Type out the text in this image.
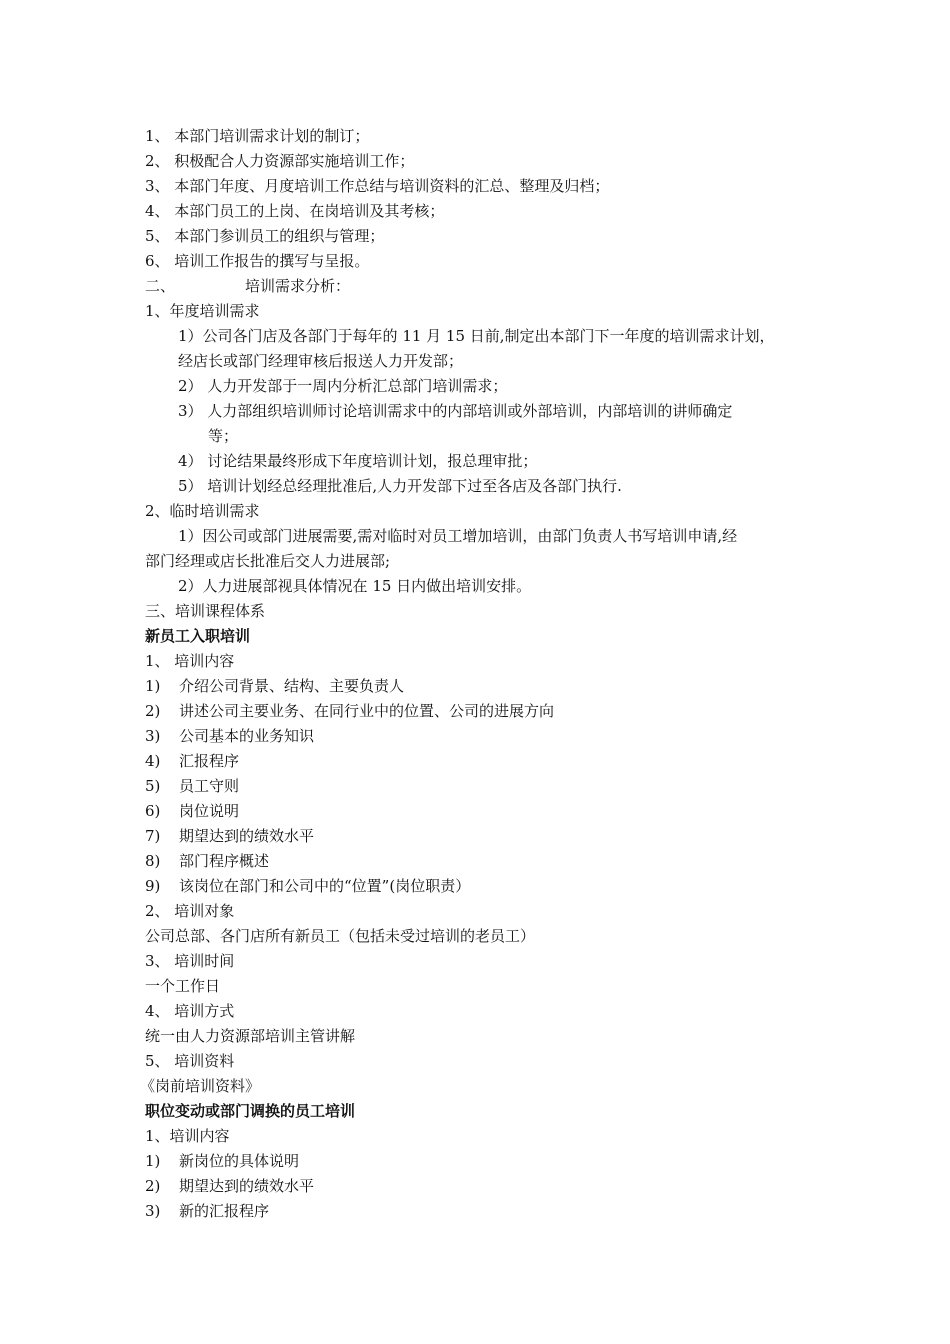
1、 本部门培训需求计划的制订；
2、 积极配合人力资源部实施培训工作；
3、 本部门年度、月度培训工作总结与培训资料的汇总、整理及归档；
4、 本部门员工的上岗、在岗培训及其考核；
5、 本部门参训员工的组织与管理；
6、 培训工作报告的撰写与呈报。
二、	培训需求分析：
1、年度培训需求
1）公司各门店及各部门于每年的 11 月 15 日前,制定出本部门下一年度的培训需求计划，
经店长或部门经理审核后报送人力开发部；
2） 人力开发部于一周内分析汇总部门培训需求；
3） 人力部组织培训师讨论培训需求中的内部培训或外部培训，内部培训的讲师确定
等；
4） 讨论结果最终形成下年度培训计划，报总理审批；
5） 培训计划经总经理批准后,人力开发部下过至各店及各部门执行.
2、临时培训需求
1）因公司或部门进展需要,需对临时对员工增加培训，由部门负责人书写培训申请,经
部门经理或店长批准后交人力进展部;
2）人力进展部视具体情况在 15 日内做出培训安排。
三、培训课程体系
新员工入职培训
1、 培训内容
1) 介绍公司背景、结构、主要负责人
2) 讲述公司主要业务、在同行业中的位置、公司的进展方向
3) 公司基本的业务知识
4) 汇报程序
5) 员工守则
6) 岗位说明
7) 期望达到的绩效水平
8) 部门程序概述
9) 该岗位在部门和公司中的“位置”(岗位职责）
2、 培训对象
公司总部、各门店所有新员工（包括未受过培训的老员工）
3、 培训时间
一个工作日
4、 培训方式
统一由人力资源部培训主管讲解
5、 培训资料
《岗前培训资料》
职位变动或部门调换的员工培训
1、培训内容
1) 新岗位的具体说明
2) 期望达到的绩效水平
3) 新的汇报程序
